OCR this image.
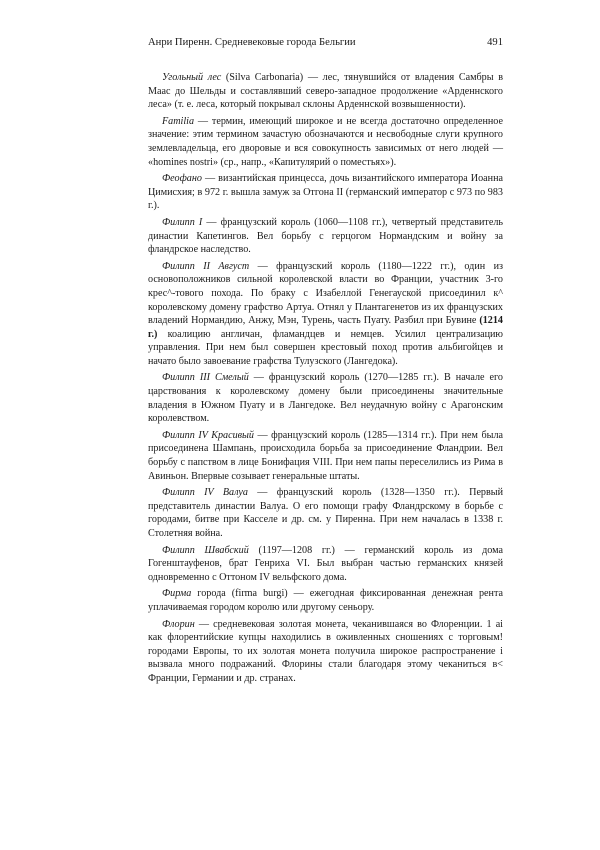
Анри Пиренн. Средневековые города Бельгии	491

Угольный лес (Silva Carbonaria) — лес, тянувшийся от владения Самбры в Маас до Шельды и составлявший северо-западное продолжение «Арденнского леса» (т. е. леса, который покрывал склоны Арденнской возвышенности).

Familia — термин, имеющий широкое и не всегда достаточно определенное значение: этим термином зачастую обозначаются и несвободные слуги крупного землевладельца, его дворовые и вся совокупность зависимых от него людей — «homines nostri» (ср., напр., «Капитулярий о поместьях»).

Феофано — византийская принцесса, дочь византийского императора Иоанна Цимисхия; в 972 г. вышла замуж за Отгона II (германский император с 973 по 983 г.).

Филипп I — французский король (1060—1108 гг.), четвертый представитель династии Капетингов. Вел борьбу с герцогом Нормандским и войну за фландрское наследство.

Филипп II Август — французский король (1180—1222 гг.), один из основоположников сильной королевской власти во Франции, участник 3-го крес^-тового похода. По браку с Изабеллой Генегауской присоединил к^ королевскому домену графство Артуа. Отнял у Плантагенетов из их французских владений Нормандию, Анжу, Мэн, Турень, часть Пуату. Разбил при Бувине (1214 г.) коалицию англичан, фламандцев и немцев. Усилил централизацию управления. При нем был совершен крестовый поход против альбигойцев и начато было завоевание графства Тулузского (Лангедока).

Филипп III Смелый — французский король (1270—1285 гг.). В начале его царствования к королевскому домену были присоединены значительные владения в Южном Пуату и в Лангедоке. Вел неудачную войну с Арагонским королевством.

Филипп IV Красивый — французский король (1285—1314 гг.). При нем была присоединена Шампань, происходила борьба за присоединение Фландрии. Вел борьбу с папством в лице Бонифация VIII. При нем папы переселились из Рима в Авиньон. Впервые созывает генеральные штаты.

Филипп IV Валуа — французский король (1328—1350 гг.). Первый представитель династии Валуа. О его помощи графу Фландрскому в борьбе с городами, битве при Касселе и др. см. у Пиренна. При нем началась в 1338 г. Столетняя война.

Филипп Швабский (1197—1208 гг.) — германский король из дома Гогенштауфенов, брат Генриха VI. Был выбран частью германских князей одновременно с Оттоном IV вельфского дома.

Фирма города (firma burgi) — ежегодная фиксированная денежная рента уплачиваемая городом королю или другому сеньору.

Флорин — средневековая золотая монета, чеканившаяся во Флоренции. 1 ai как флорентийские купцы находились в оживленных сношениях с торговым! городами Европы, то их золотая монета получила широкое распространение i вызвала много подражаний. Флорины стали благодаря этому чеканиться в< Франции, Германии и др. странах.
